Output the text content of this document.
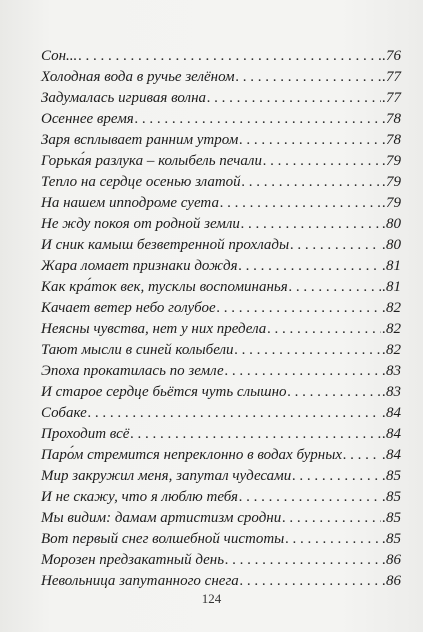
Сон... . . .	.76
Холодная вода в ручье зелёном . . .	.77
Задумалась игривая волна . . .	.77
Осеннее время . . .	.78
Заря всплывает ранним утром . . .	.78
Горька́я разлука – колыбель печали . . .	.79
Тепло на сердце осенью златой . . .	.79
На нашем ипподроме суета . . .	.79
Не жду покоя от родной земли . . .	.80
И сник камыш безветренной прохлады . . .	.80
Жара ломает признаки дождя . . .	.81
Как кра́ток век, тусклы воспоминанья . . .	.81
Качает ветер небо голубое . . .	.82
Неясны чувства, нет у них предела . . .	.82
Тают мысли в синей колыбели . . .	.82
Эпоха прокатилась по земле . . .	.83
И старое сердце бьётся чуть слышно . . .	.83
Собаке . . .	.84
Проходит всё . . .	.84
Паро́м стремится непреклонно в водах бурных . . .	.84
Мир закружил меня, запутал чудесами . . .	.85
И не скажу, что я люблю тебя . . .	.85
Мы видим: дамам артистизм сродни . . .	.85
Вот первый снег волшебной чистоты . . .	.85
Морозен предзакатный день . . .	.86
Невольница запутанного снега . . .	.86
124
